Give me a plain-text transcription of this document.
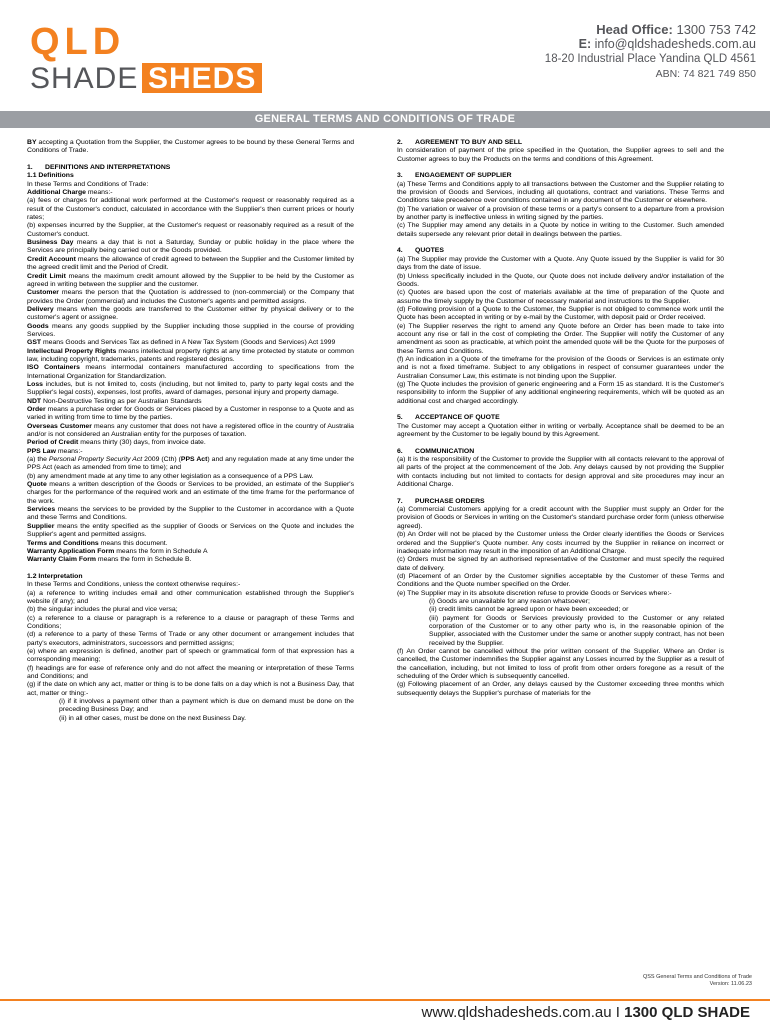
QLD
SHADE SHEDS
Head Office: 1300 753 742
E: info@qldshadesheds.com.au
18-20 Industrial Place Yandina QLD 4561
ABN: 74 821 749 850
GENERAL TERMS AND CONDITIONS OF TRADE

BY accepting a Quotation from the Supplier, the Customer agrees to be bound by these General Terms and Conditions of Trade.

1. DEFINITIONS AND INTERPRETATIONS

1.1 Definitions

In these Terms and Conditions of Trade:

Additional Charge means:-

(a) fees or charges for additional work performed at the Customer's request or reasonably required as a result of the Customer's conduct, calculated in accordance with the Supplier's then current prices or hourly rates;

(b) expenses incurred by the Supplier, at the Customer's request or reasonably required as a result of the Customer's conduct.

Business Day means a day that is not a Saturday, Sunday or public holiday in the place where the Services are principally being carried out or the Goods provided.

Credit Account means the allowance of credit agreed to between the Supplier and the Customer limited by the agreed credit limit and the Period of Credit.

Credit Limit means the maximum credit amount allowed by the Supplier to be held by the Customer as agreed in writing between the supplier and the customer.

Customer means the person that the Quotation is addressed to (non-commercial) or the Company that provides the Order (commercial) and includes the Customer's agents and permitted assigns.

Delivery means when the goods are transferred to the Customer either by physical delivery or to the customer's agent or assignee.

Goods means any goods supplied by the Supplier including those supplied in the course of providing Services.

GST means Goods and Services Tax as defined in A New Tax System (Goods and Services) Act 1999

Intellectual Property Rights means intellectual property rights at any time protected by statute or common law, including copyright, trademarks, patents and registered designs.

ISO Containers means intermodal containers manufactured according to specifications from the International Organization for Standardization.

Loss includes, but is not limited to, costs (including, but not limited to, party to party legal costs and the Supplier's legal costs), expenses, lost profits, award of damages, personal injury and property damage.

NDT Non-Destructive Testing as per Australian Standards

Order means a purchase order for Goods or Services placed by a Customer in response to a Quote and as varied in writing from time to time by the parties.

Overseas Customer means any customer that does not have a registered office in the country of Australia and/or is not considered an Australian entity for the purposes of taxation.

Period of Credit means thirty (30) days, from invoice date.

PPS Law means:-

(a) the Personal Property Security Act 2009 (Cth) (PPS Act) and any regulation made at any time under the PPS Act (each as amended from time to time); and

(b) any amendment made at any time to any other legislation as a consequence of a PPS Law.

Quote means a written description of the Goods or Services to be provided, an estimate of the Supplier's charges for the performance of the required work and an estimate of the time frame for the performance of the work.

Services means the services to be provided by the Supplier to the Customer in accordance with a Quote and these Terms and Conditions.

Supplier means the entity specified as the supplier of Goods or Services on the Quote and includes the Supplier's agent and permitted assigns.

Terms and Conditions means this document.

Warranty Application Form means the form in Schedule A

Warranty Claim Form means the form in Schedule B.

1.2 Interpretation

In these Terms and Conditions, unless the context otherwise requires:-

(a) a reference to writing includes email and other communication established through the Supplier's website (if any); and

(b) the singular includes the plural and vice versa;

(c) a reference to a clause or paragraph is a reference to a clause or paragraph of these Terms and Conditions;

(d) a reference to a party of these Terms of Trade or any other document or arrangement includes that party's executors, administrators, successors and permitted assigns;

(e) where an expression is defined, another part of speech or grammatical form of that expression has a corresponding meaning;

(f) headings are for ease of reference only and do not affect the meaning or interpretation of these Terms and Conditions; and

(g) if the date on which any act, matter or thing is to be done falls on a day which is not a Business Day, that act, matter or thing:-

(i) if it involves a payment other than a payment which is due on demand must be done on the preceding Business Day; and

(ii) in all other cases, must be done on the next Business Day.

2. AGREEMENT TO BUY AND SELL

In consideration of payment of the price specified in the Quotation, the Supplier agrees to sell and the Customer agrees to buy the Products on the terms and conditions of this Agreement.

3. ENGAGEMENT OF SUPPLIER

(a) These Terms and Conditions apply to all transactions between the Customer and the Supplier relating to the provision of Goods and Services, including all quotations, contract and variations. These Terms and Conditions take precedence over conditions contained in any document of the Customer or elsewhere.

(b) The variation or waiver of a provision of these terms or a party's consent to a departure from a provision by another party is ineffective unless in writing signed by the parties.

(c) The Supplier may amend any details in a Quote by notice in writing to the Customer. Such amended details supersede any relevant prior detail in dealings between the parties.

4. QUOTES

(a) The Supplier may provide the Customer with a Quote. Any Quote issued by the Supplier is valid for 30 days from the date of issue.

(b) Unless specifically included in the Quote, our Quote does not include delivery and/or installation of the Goods.

(c) Quotes are based upon the cost of materials available at the time of preparation of the Quote and assume the timely supply by the Customer of necessary material and instructions to the Supplier.

(d) Following provision of a Quote to the Customer, the Supplier is not obliged to commence work until the Quote has been accepted in writing or by e-mail by the Customer, with deposit paid or Order received.

(e) The Supplier reserves the right to amend any Quote before an Order has been made to take into account any rise or fall in the cost of completing the Order. The Supplier will notify the Customer of any amendment as soon as practicable, at which point the amended quote will be the Quote for the purposes of these Terms and Conditions.

(f) An indication in a Quote of the timeframe for the provision of the Goods or Services is an estimate only and is not a fixed timeframe. Subject to any obligations in respect of consumer guarantees under the Australian Consumer Law, this estimate is not binding upon the Supplier.

(g) The Quote includes the provision of generic engineering and a Form 15 as standard. It is the Customer's responsibility to inform the Supplier of any additional engineering requirements, which will be quoted as an additional cost and charged accordingly.

5. ACCEPTANCE OF QUOTE

The Customer may accept a Quotation either in writing or verbally. Acceptance shall be deemed to be an agreement by the Customer to be legally bound by this Agreement.

6. COMMUNICATION

(a) It is the responsibility of the Customer to provide the Supplier with all contacts relevant to the approval of all parts of the project at the commencement of the Job. Any delays caused by not providing the Supplier with contacts including but not limited to contacts for design approval and site procedures may incur an Additional Charge.

7. PURCHASE ORDERS

(a) Commercial Customers applying for a credit account with the Supplier must supply an Order for the provision of Goods or Services in writing on the Customer's standard purchase order form (unless otherwise agreed).

(b) An Order will not be placed by the Customer unless the Order clearly identifies the Goods or Services ordered and the Supplier's Quote number. Any costs incurred by the Supplier in reliance on incorrect or inadequate information may result in the imposition of an Additional Charge.

(c) Orders must be signed by an authorised representative of the Customer and must specify the required date of delivery.

(d) Placement of an Order by the Customer signifies acceptable by the Customer of these Terms and Conditions and the Quote number specified on the Order.

(e) The Supplier may in its absolute discretion refuse to provide Goods or Services where:-

(i) Goods are unavailable for any reason whatsoever;

(ii) credit limits cannot be agreed upon or have been exceeded; or

(iii) payment for Goods or Services previously provided to the Customer or any related corporation of the Customer or to any other party who is, in the reasonable opinion of the Supplier, associated with the Customer under the same or another supply contract, has not been received by the Supplier.

(f) An Order cannot be cancelled without the prior written consent of the Supplier. Where an Order is cancelled, the Customer indemnifies the Supplier against any Losses incurred by the Supplier as a result of the cancellation, including, but not limited to loss of profit from other orders foregone as a result of the scheduling of the Order which is subsequently cancelled.

(g) Following placement of an Order, any delays caused by the Customer exceeding three months which subsequently delays the Supplier's purchase of materials for the

QSS General Terms and Conditions of Trade
Version: 11.06.23
www.qldshadesheds.com.au I 1300 QLD SHADE
